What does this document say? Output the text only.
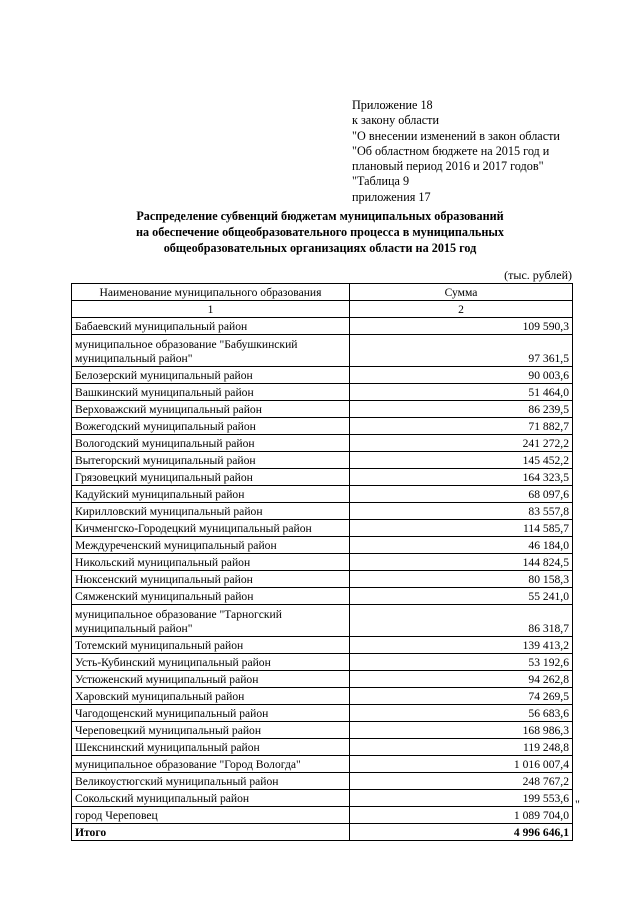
Приложение 18
к закону области
"О внесении изменений в закон области
"Об областном бюджете на 2015 год и
плановый период 2016 и 2017 годов"
"Таблица 9
приложения 17
Распределение субвенций бюджетам муниципальных образований
на обеспечение общеобразовательного процесса в муниципальных
общеобразовательных организациях области на 2015 год
(тыс. рублей)
Наименование муниципального образования	Сумма
1	2
Бабаевский муниципальный район	109 590,3
муниципальное образование "Бабушкинский муниципальный район"	97 361,5
Белозерский муниципальный район	90 003,6
Вашкинский муниципальный район	51 464,0
Верховажский муниципальный район	86 239,5
Вожегодский муниципальный район	71 882,7
Вологодский муниципальный район	241 272,2
Вытегорский муниципальный район	145 452,2
Грязовецкий муниципальный район	164 323,5
Кадуйский муниципальный район	68 097,6
Кирилловский муниципальный район	83 557,8
Кичменгско-Городецкий муниципальный район	114 585,7
Междуреченский муниципальный район	46 184,0
Никольский муниципальный район	144 824,5
Нюксенский муниципальный район	80 158,3
Сямженский муниципальный район	55 241,0
муниципальное образование "Тарногский муниципальный район"	86 318,7
Тотемский муниципальный район	139 413,2
Усть-Кубинский муниципальный район	53 192,6
Устюженский муниципальный район	94 262,8
Харовский муниципальный район	74 269,5
Чагодощенский муниципальный район	56 683,6
Череповецкий муниципальный район	168 986,3
Шекснинский муниципальный район	119 248,8
муниципальное образование "Город Вологда"	1 016 007,4
Великоустюгский муниципальный район	248 767,2
Сокольский муниципальный район	199 553,6
город Череповец	1 089 704,0
Итого	4 996 646,1
"
